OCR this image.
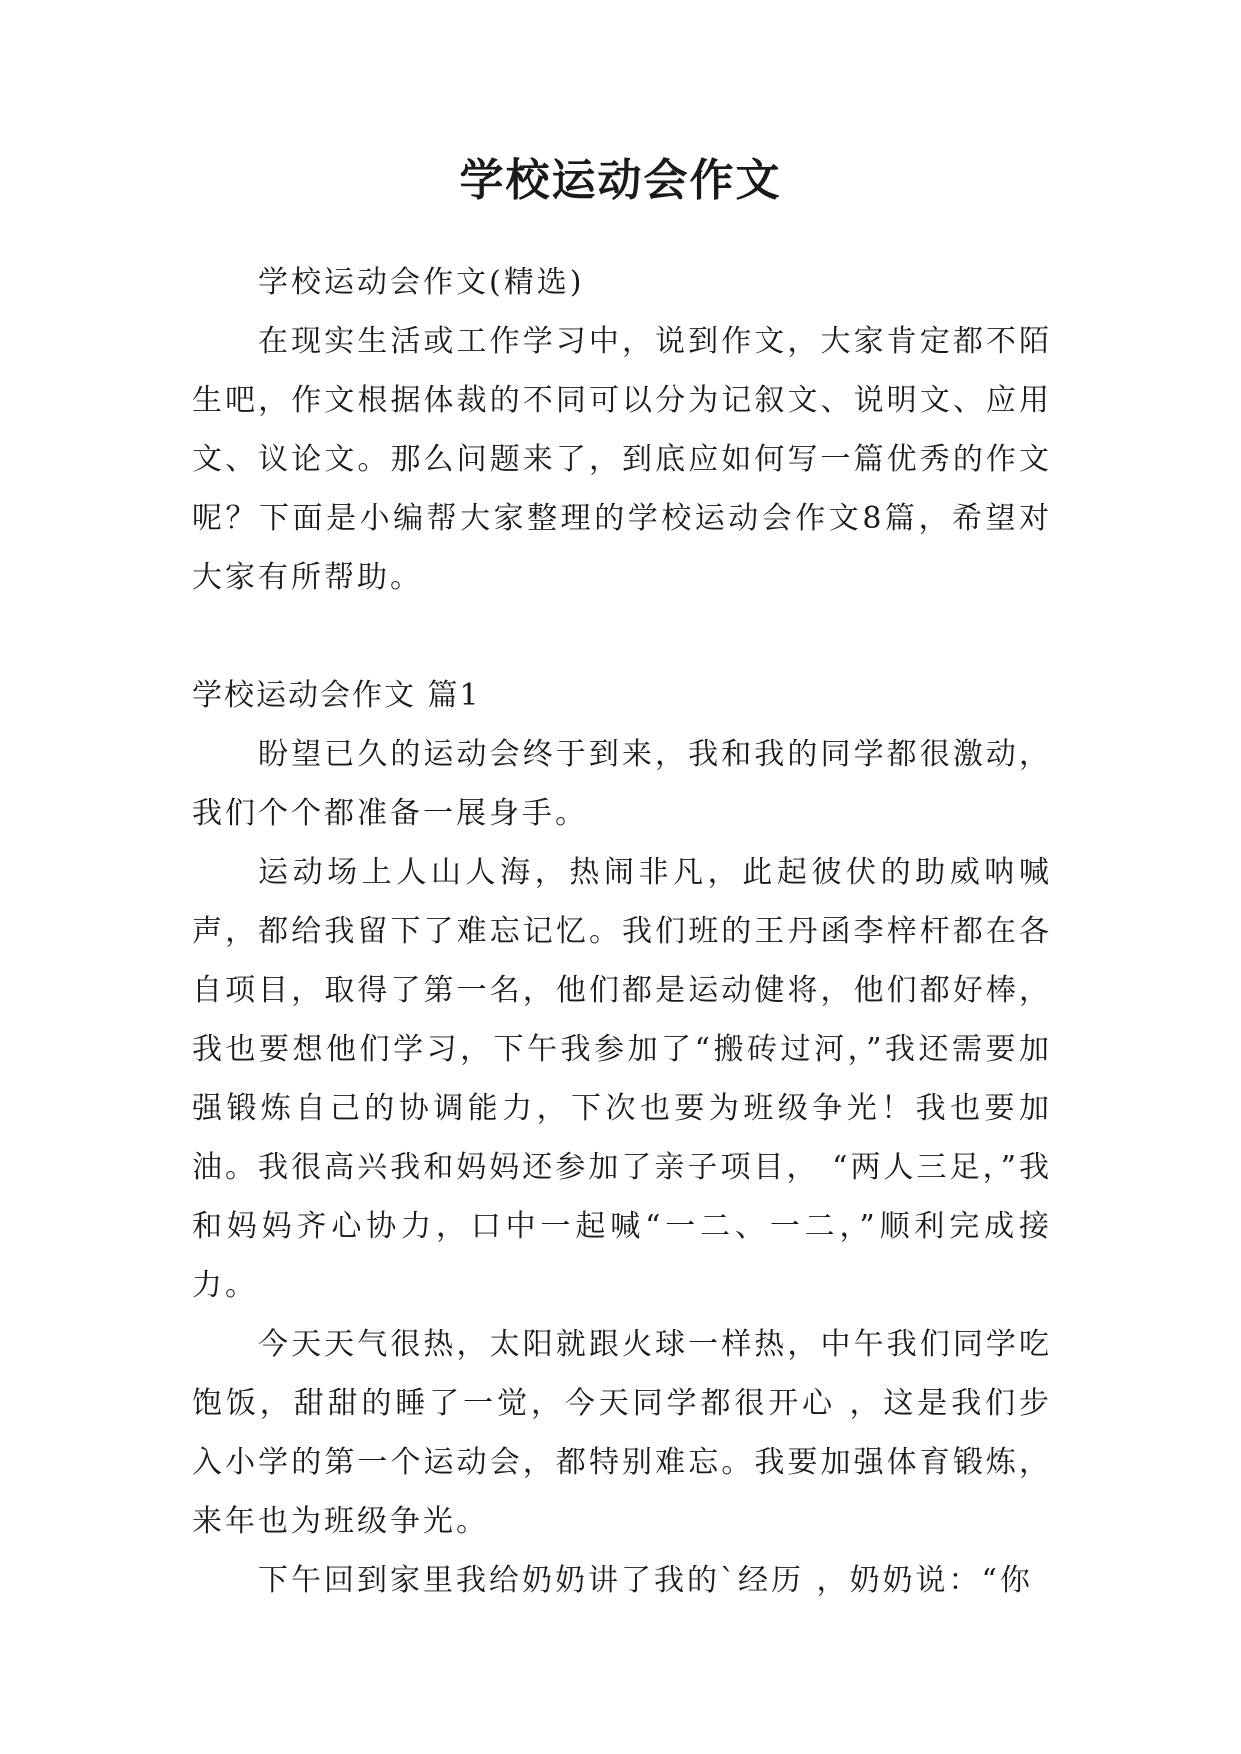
学校运动会作文

学校运动会作文(精选)

在现实生活或工作学习中，说到作文，大家肯定都不陌生吧，作文根据体裁的不同可以分为记叙文、说明文、应用文、议论文。那么问题来了，到底应如何写一篇优秀的作文呢？下面是小编帮大家整理的学校运动会作文8篇，希望对大家有所帮助。

学校运动会作文 篇1

盼望已久的运动会终于到来，我和我的同学都很激动，我们个个都准备一展身手。

运动场上人山人海，热闹非凡，此起彼伏的助威呐喊声，都给我留下了难忘记忆。我们班的王丹函李梓杆都在各自项目，取得了第一名，他们都是运动健将，他们都好棒，我也要想他们学习，下午我参加了“搬砖过河，”我还需要加强锻炼自己的协调能力，下次也要为班级争光！我也要加油。我很高兴我和妈妈还参加了亲子项目， “两人三足，”我和妈妈齐心协力，口中一起喊“一二、一二，”顺利完成接力。

今天天气很热，太阳就跟火球一样热，中午我们同学吃饱饭，甜甜的睡了一觉，今天同学都很开心 ，这是我们步入小学的第一个运动会，都特别难忘。我要加强体育锻炼，来年也为班级争光。

下午回到家里我给奶奶讲了我的`经历 ，奶奶说：“你
